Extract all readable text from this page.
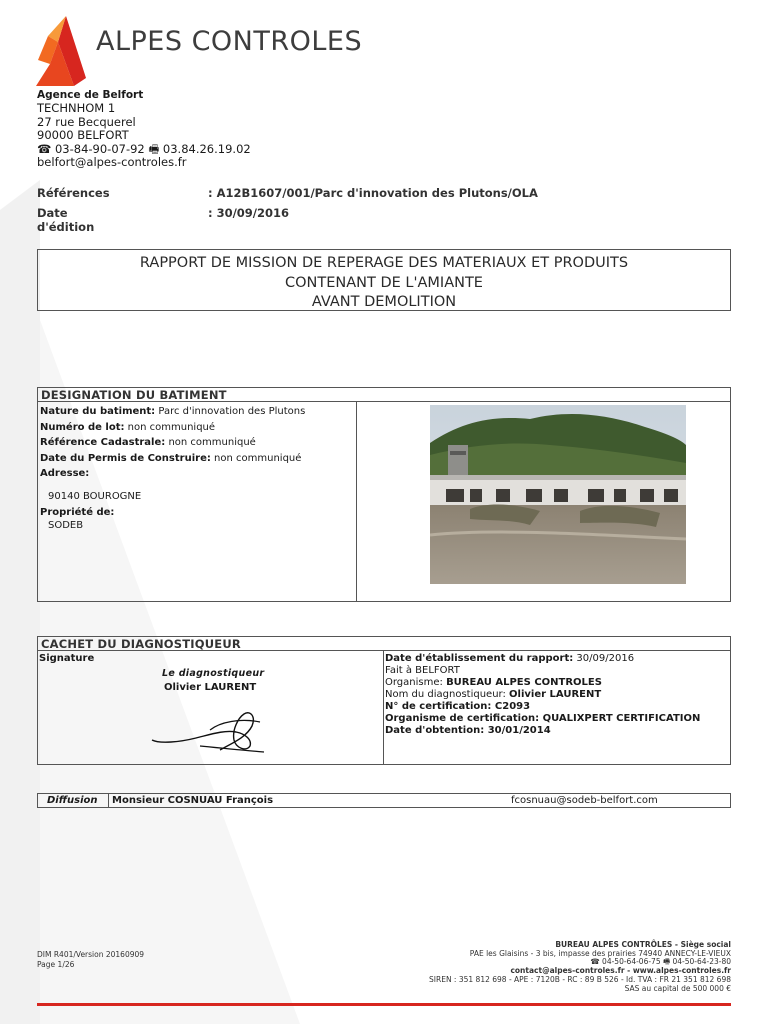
ALPES CONTROLES
Agence de Belfort
TECHNHOM 1
27 rue Becquerel
90000 BELFORT
☎ 03-84-90-07-92 🖷 03.84.26.19.02
belfort@alpes-controles.fr
Références	: A12B1607/001/Parc d'innovation des Plutons/OLA
Date d'édition
: 30/09/2016
RAPPORT DE MISSION DE REPERAGE DES MATERIAUX ET PRODUITS
CONTENANT DE L'AMIANTE
AVANT DEMOLITION
DESIGNATION DU BATIMENT
Nature du batiment: Parc d'innovation des Plutons
Numéro de lot: non communiqué
Référence Cadastrale: non communiqué
Date du Permis de Construire: non communiqué
Adresse:
90140 BOUROGNE
Propriété de:
SODEB
CACHET DU DIAGNOSTIQUEUR
Signature
Le diagnostiqueur
Olivier LAURENT
Date d'établissement du rapport: 30/09/2016
Fait à BELFORT
Organisme: BUREAU ALPES CONTROLES
Nom du diagnostiqueur: Olivier LAURENT
N° de certification: C2093
Organisme de certification: QUALIXPERT CERTIFICATION
Date d'obtention: 30/01/2014
Diffusion	Monsieur COSNUAU François	fcosnuau@sodeb-belfort.com
DIM R401/Version 20160909
Page 1/26
BUREAU ALPES CONTRÔLES - Siège social
PAE les Glaisins - 3 bis, impasse des prairies 74940 ANNECY-LE-VIEUX
☎ 04-50-64-06-75 🖷 04-50-64-23-80
contact@alpes-controles.fr - www.alpes-controles.fr
SIREN : 351 812 698 - APE : 7120B - RC : 89 B 526 - Id. TVA : FR 21 351 812 698
SAS au capital de 500 000 €
